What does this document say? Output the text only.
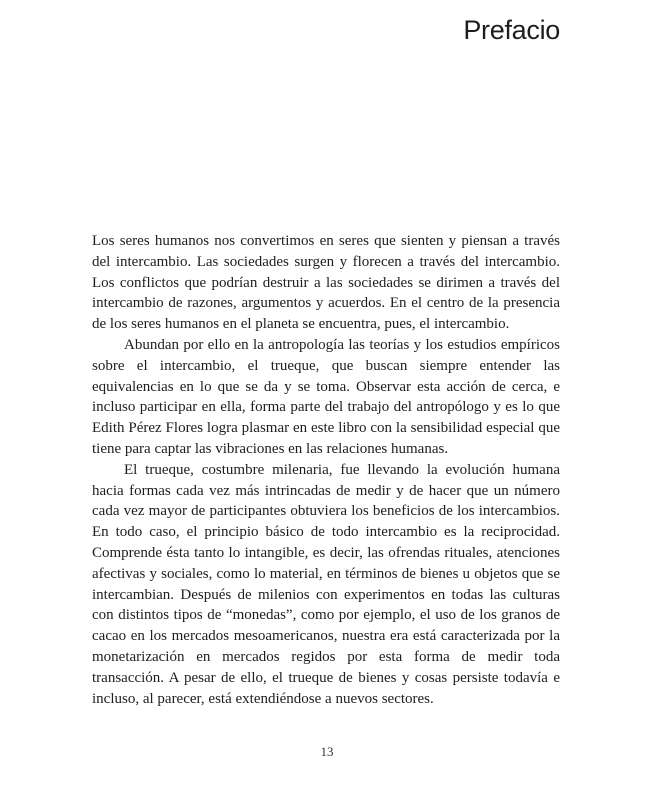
Prefacio

Los seres humanos nos convertimos en seres que sienten y piensan a través del intercambio. Las sociedades surgen y florecen a través del intercambio. Los conflictos que podrían destruir a las sociedades se dirimen a través del intercambio de razones, argumentos y acuerdos. En el centro de la presencia de los seres humanos en el planeta se encuentra, pues, el intercambio.

Abundan por ello en la antropología las teorías y los estudios empíricos sobre el intercambio, el trueque, que buscan siempre entender las equivalencias en lo que se da y se toma. Observar esta acción de cerca, e incluso participar en ella, forma parte del trabajo del antropólogo y es lo que Edith Pérez Flores logra plasmar en este libro con la sensibilidad especial que tiene para captar las vibraciones en las relaciones humanas.

El trueque, costumbre milenaria, fue llevando la evolución humana hacia formas cada vez más intrincadas de medir y de hacer que un número cada vez mayor de participantes obtuviera los beneficios de los intercambios. En todo caso, el principio básico de todo intercambio es la reciprocidad. Comprende ésta tanto lo intangible, es decir, las ofrendas rituales, atenciones afectivas y sociales, como lo material, en términos de bienes u objetos que se intercambian. Después de milenios con experimentos en todas las culturas con distintos tipos de “monedas”, como por ejemplo, el uso de los granos de cacao en los mercados mesoamericanos, nuestra era está caracterizada por la monetarización en mercados regidos por esta forma de medir toda transacción. A pesar de ello, el trueque de bienes y cosas persiste todavía e incluso, al parecer, está extendiéndose a nuevos sectores.

13
